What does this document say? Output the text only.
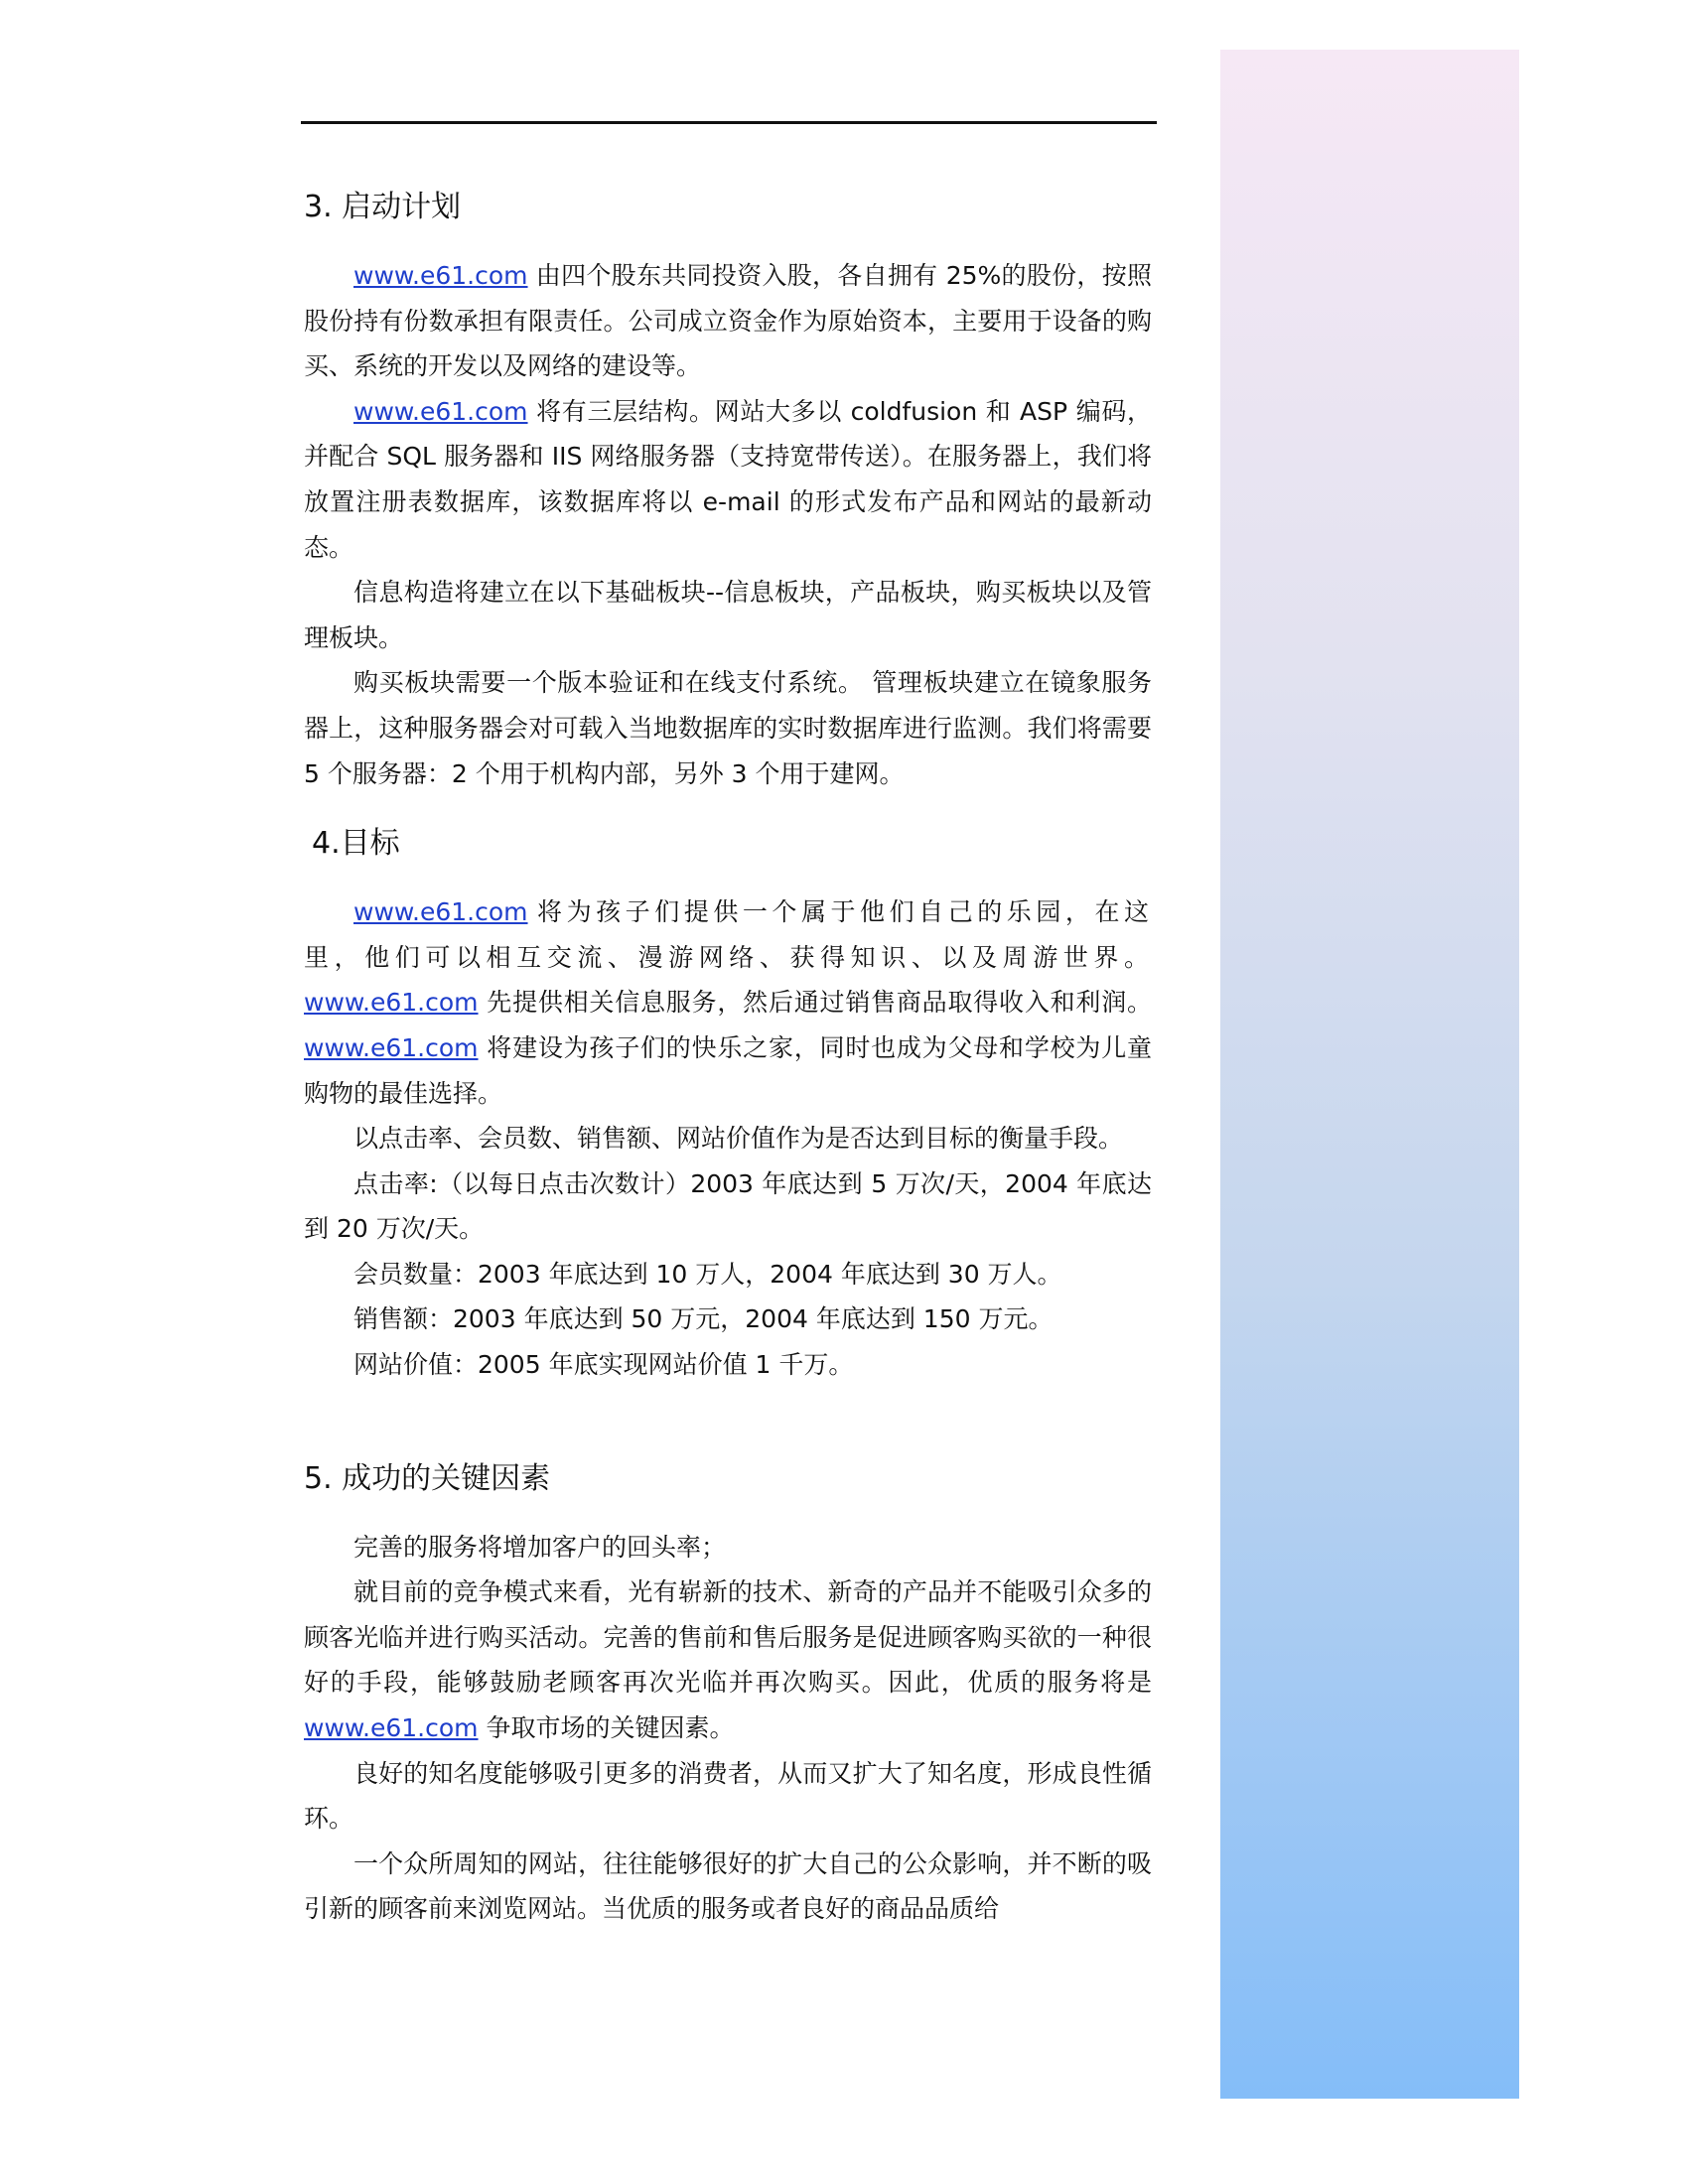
3. 启动计划

www.e61.com 由四个股东共同投资入股，各自拥有 25%的股份，按照股份持有份数承担有限责任。公司成立资金作为原始资本，主要用于设备的购买、系统的开发以及网络的建设等。

www.e61.com 将有三层结构。网站大多以 coldfusion 和 ASP 编码，并配合 SQL 服务器和 IIS 网络服务器（支持宽带传送）。在服务器上，我们将放置注册表数据库，该数据库将以 e-mail 的形式发布产品和网站的最新动态。

信息构造将建立在以下基础板块--信息板块，产品板块，购买板块以及管理板块。

购买板块需要一个版本验证和在线支付系统。 管理板块建立在镜象服务器上，这种服务器会对可载入当地数据库的实时数据库进行监测。我们将需要 5 个服务器：2 个用于机构内部，另外 3 个用于建网。

4.目标

www.e61.com 将为孩子们提供一个属于他们自己的乐园，在这里，他们可以相互交流、漫游网络、获得知识、以及周游世界。www.e61.com 先提供相关信息服务，然后通过销售商品取得收入和利润。www.e61.com 将建设为孩子们的快乐之家，同时也成为父母和学校为儿童购物的最佳选择。

以点击率、会员数、销售额、网站价值作为是否达到目标的衡量手段。

点击率:（以每日点击次数计）2003 年底达到 5 万次/天，2004 年底达到 20 万次/天。

会员数量：2003 年底达到 10 万人，2004 年底达到 30 万人。

销售额：2003 年底达到 50 万元，2004 年底达到 150 万元。

网站价值：2005 年底实现网站价值 1 千万。

5. 成功的关键因素

完善的服务将增加客户的回头率；

就目前的竞争模式来看，光有崭新的技术、新奇的产品并不能吸引众多的顾客光临并进行购买活动。完善的售前和售后服务是促进顾客购买欲的一种很好的手段，能够鼓励老顾客再次光临并再次购买。因此，优质的服务将是 www.e61.com 争取市场的关键因素。

良好的知名度能够吸引更多的消费者，从而又扩大了知名度，形成良性循环。

一个众所周知的网站，往往能够很好的扩大自己的公众影响，并不断的吸引新的顾客前来浏览网站。当优质的服务或者良好的商品品质给
